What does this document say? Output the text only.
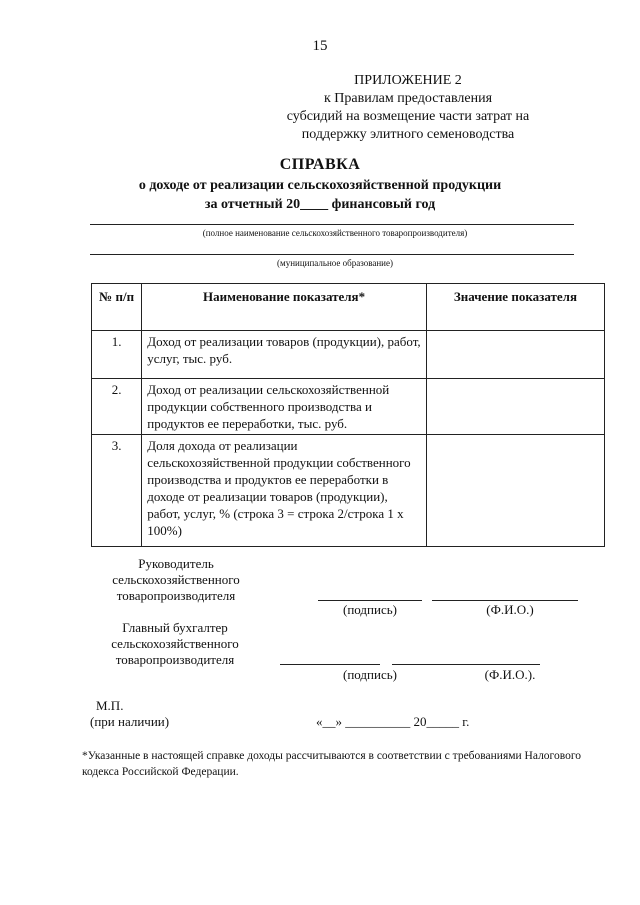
15
ПРИЛОЖЕНИЕ 2
к Правилам предоставления
субсидий на возмещение части затрат на
поддержку элитного семеноводства
СПРАВКА
о доходе от реализации сельскохозяйственной продукции
за отчетный 20____ финансовый год
(полное наименование сельскохозяйственного товаропроизводителя)
(муниципальное образование)
№ п/п	Наименование показателя*	Значение показателя
1.	Доход от реализации товаров (продукции), работ, услуг, тыс. руб.	
2.	Доход от реализации сельскохозяйственной продукции собственного производства и продуктов ее переработки, тыс. руб.	
3.	Доля дохода от реализации сельскохозяйственной продукции собственного производства и продуктов ее переработки в доходе от реализации товаров (продукции), работ, услуг, % (строка 3 = строка 2/строка 1 x 100%)	
Руководитель
сельскохозяйственного
товаропроизводителя
(подпись)	(Ф.И.О.)
Главный бухгалтер
сельскохозяйственного
товаропроизводителя
(подпись)	(Ф.И.О.).
М.П.
(при наличии)	«__» __________ 20_____ г.
*Указанные в настоящей справке доходы рассчитываются в соответствии с требованиями Налогового кодекса Российской Федерации.
